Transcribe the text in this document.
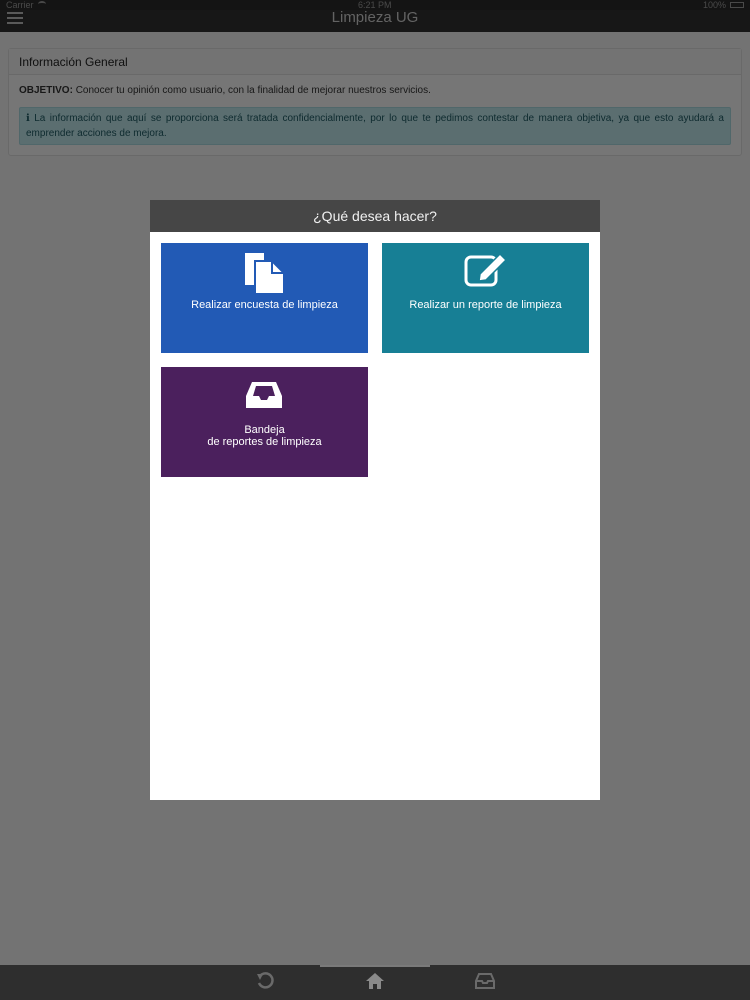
¿Qué desea hacer?
Realizar encuesta de limpieza	Realizar un reporte de limpieza
Bandeja
de reportes de limpieza
